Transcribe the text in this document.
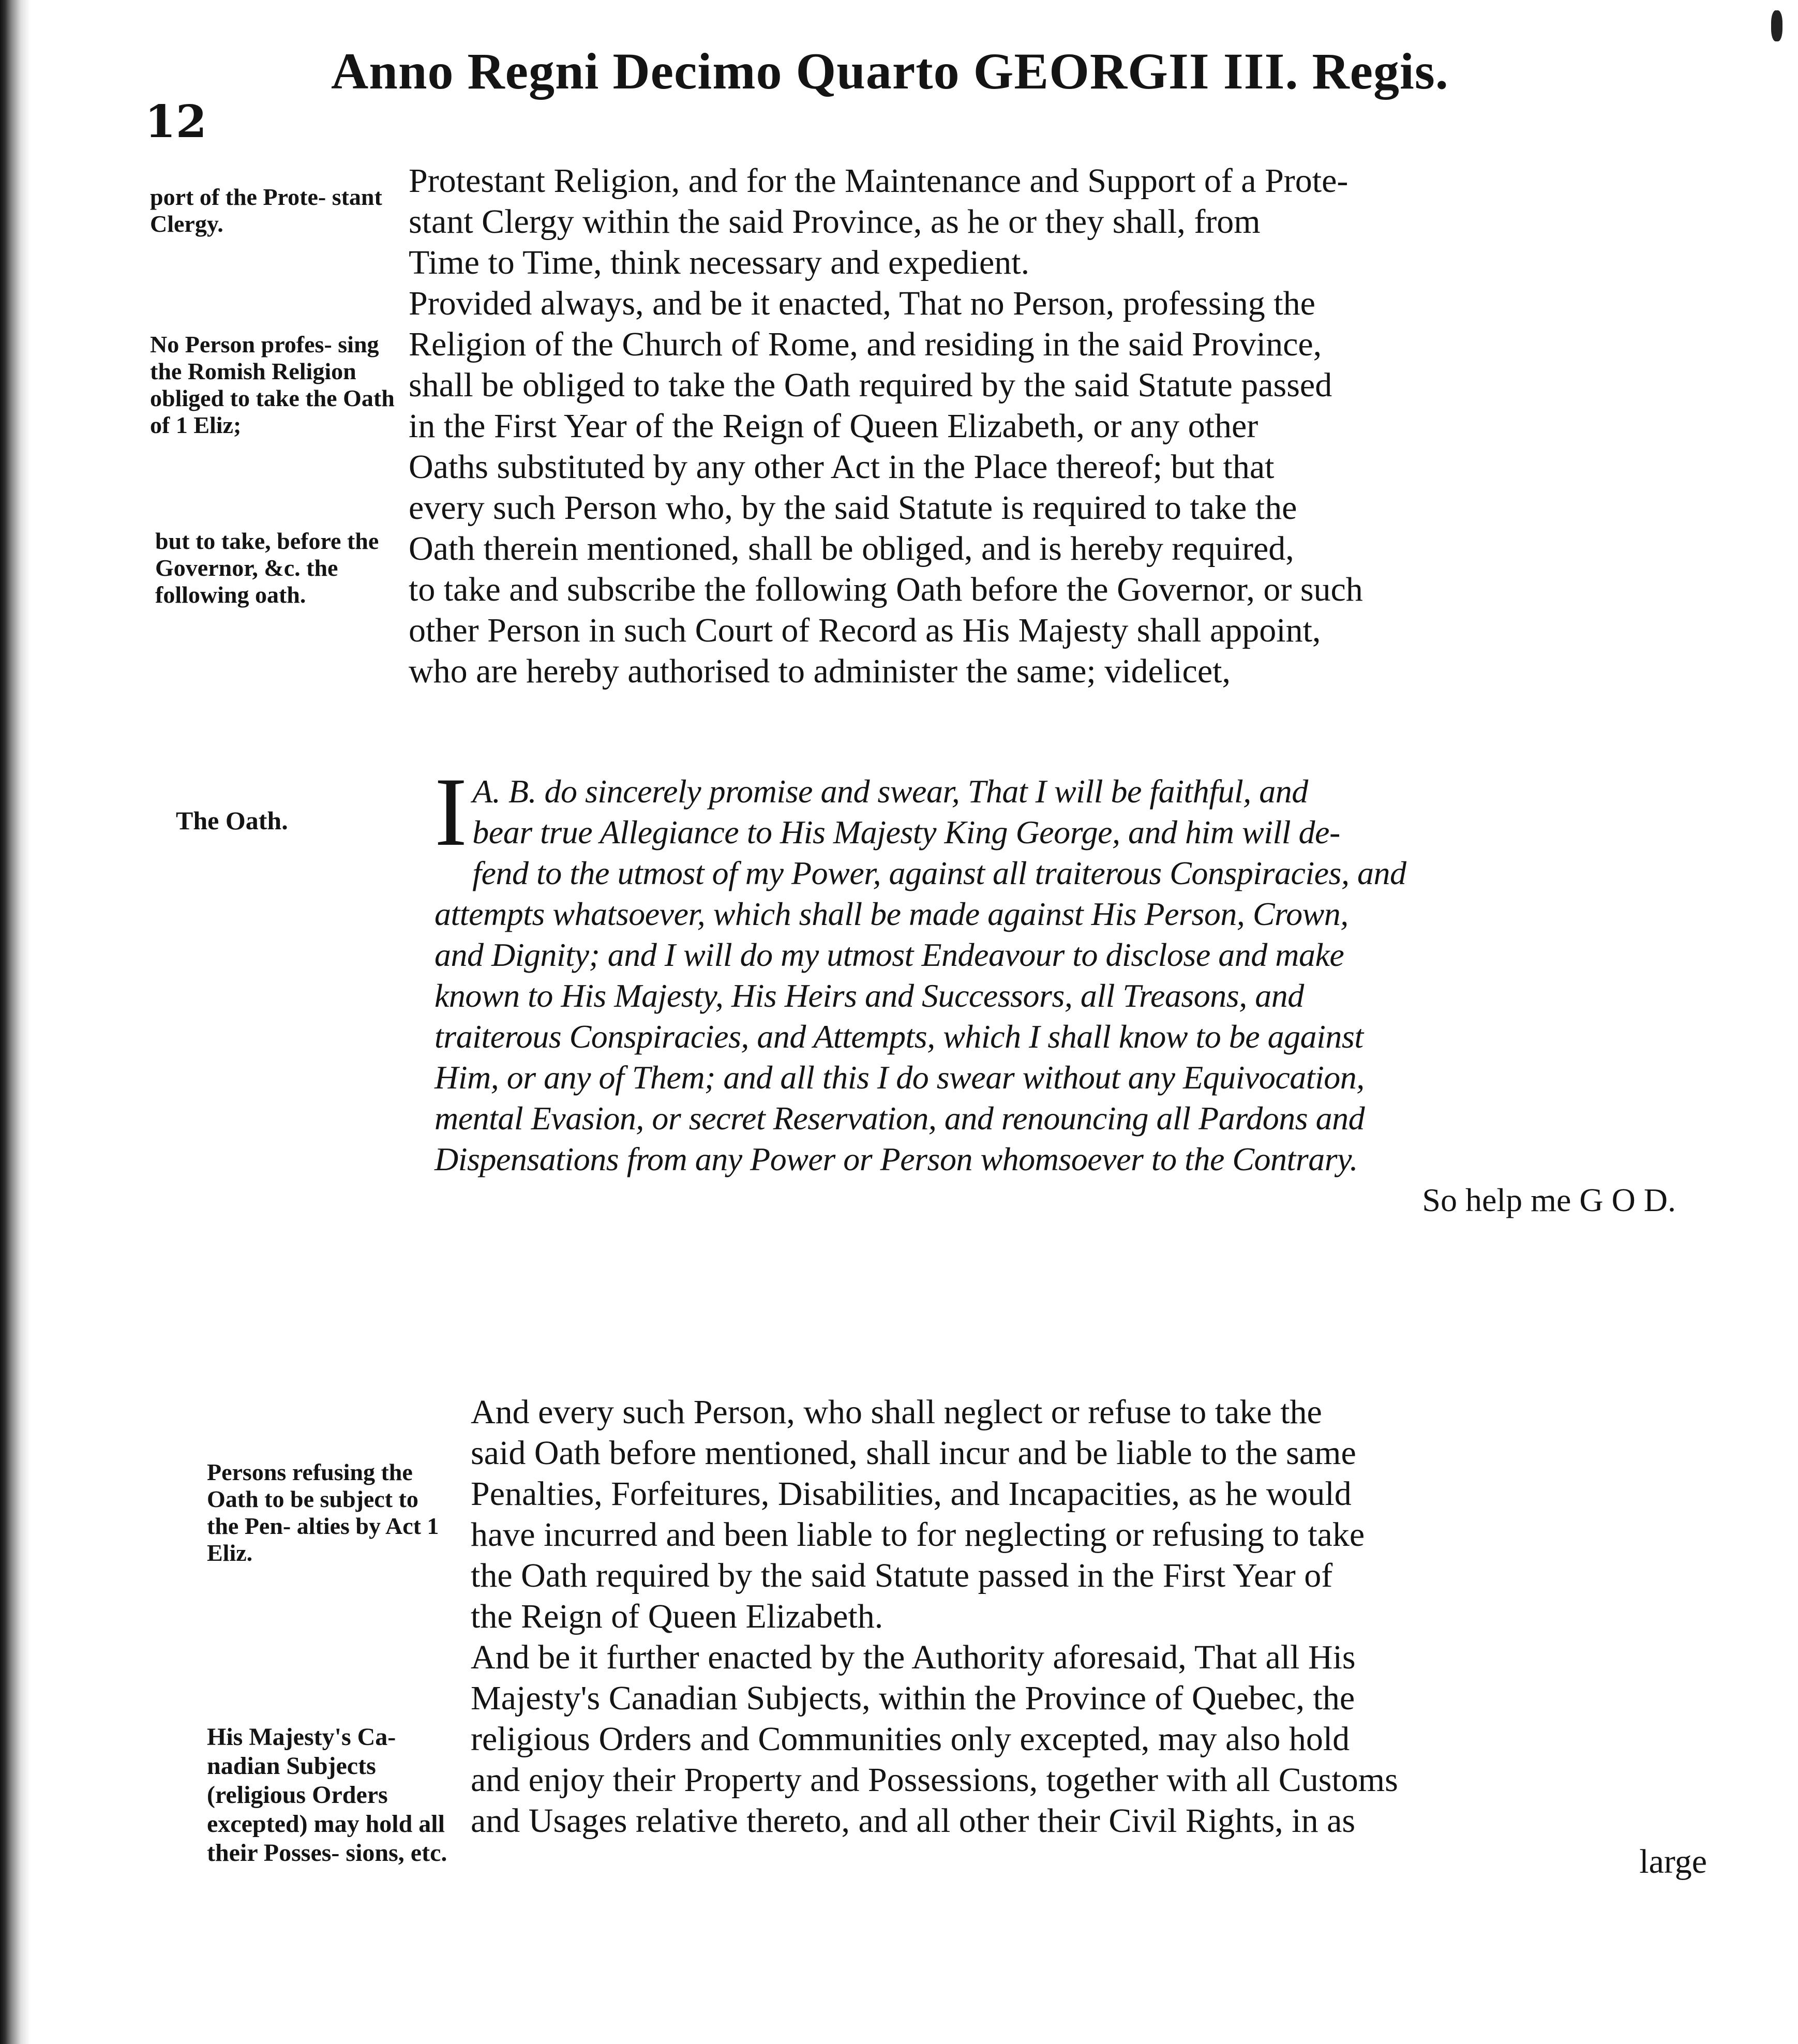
12
Anno Regni Decimo Quarto GEORGII III. Regis.
port of the Prote- stant Clergy.
No Person profes- sing the Romish Religion obliged to take the Oath of 1 Eliz;
but to take, before the Governor, &c. the following oath.
The Oath.
Persons refusing the Oath to be subject to the Pen- alties by Act 1 Eliz.
His Majesty's Ca- nadian Subjects (religious Orders excepted) may hold all their Posses- sions, etc.
Protestant Religion, and for the Maintenance and Support of a Prote-
stant Clergy within the said Province, as he or they shall, from
Time to Time, think necessary and expedient.
Provided always, and be it enacted, That no Person, professing the
Religion of the Church of Rome, and residing in the said Province,
shall be obliged to take the Oath required by the said Statute passed
in the First Year of the Reign of Queen Elizabeth, or any other
Oaths substituted by any other Act in the Place thereof; but that
every such Person who, by the said Statute is required to take the
Oath therein mentioned, shall be obliged, and is hereby required,
to take and subscribe the following Oath before the Governor, or such
other Person in such Court of Record as His Majesty shall appoint,
who are hereby authorised to administer the same; videlicet,
I A. B. do sincerely promise and swear, That I will be faithful, and
bear true Allegiance to His Majesty King George, and him will de-
fend to the utmost of my Power, against all traiterous Conspiracies, and
attempts whatsoever, which shall be made against His Person, Crown,
and Dignity; and I will do my utmost Endeavour to disclose and make
known to His Majesty, His Heirs and Successors, all Treasons, and
traiterous Conspiracies, and Attempts, which I shall know to be against
Him, or any of Them; and all this I do swear without any Equivocation,
mental Evasion, or secret Reservation, and renouncing all Pardons and
Dispensations from any Power or Person whomsoever to the Contrary.
So help me G O D.
And every such Person, who shall neglect or refuse to take the
said Oath before mentioned, shall incur and be liable to the same
Penalties, Forfeitures, Disabilities, and Incapacities, as he would
have incurred and been liable to for neglecting or refusing to take
the Oath required by the said Statute passed in the First Year of
the Reign of Queen Elizabeth.
And be it further enacted by the Authority aforesaid, That all His
Majesty's Canadian Subjects, within the Province of Quebec, the
religious Orders and Communities only excepted, may also hold
and enjoy their Property and Possessions, together with all Customs
and Usages relative thereto, and all other their Civil Rights, in as
large
